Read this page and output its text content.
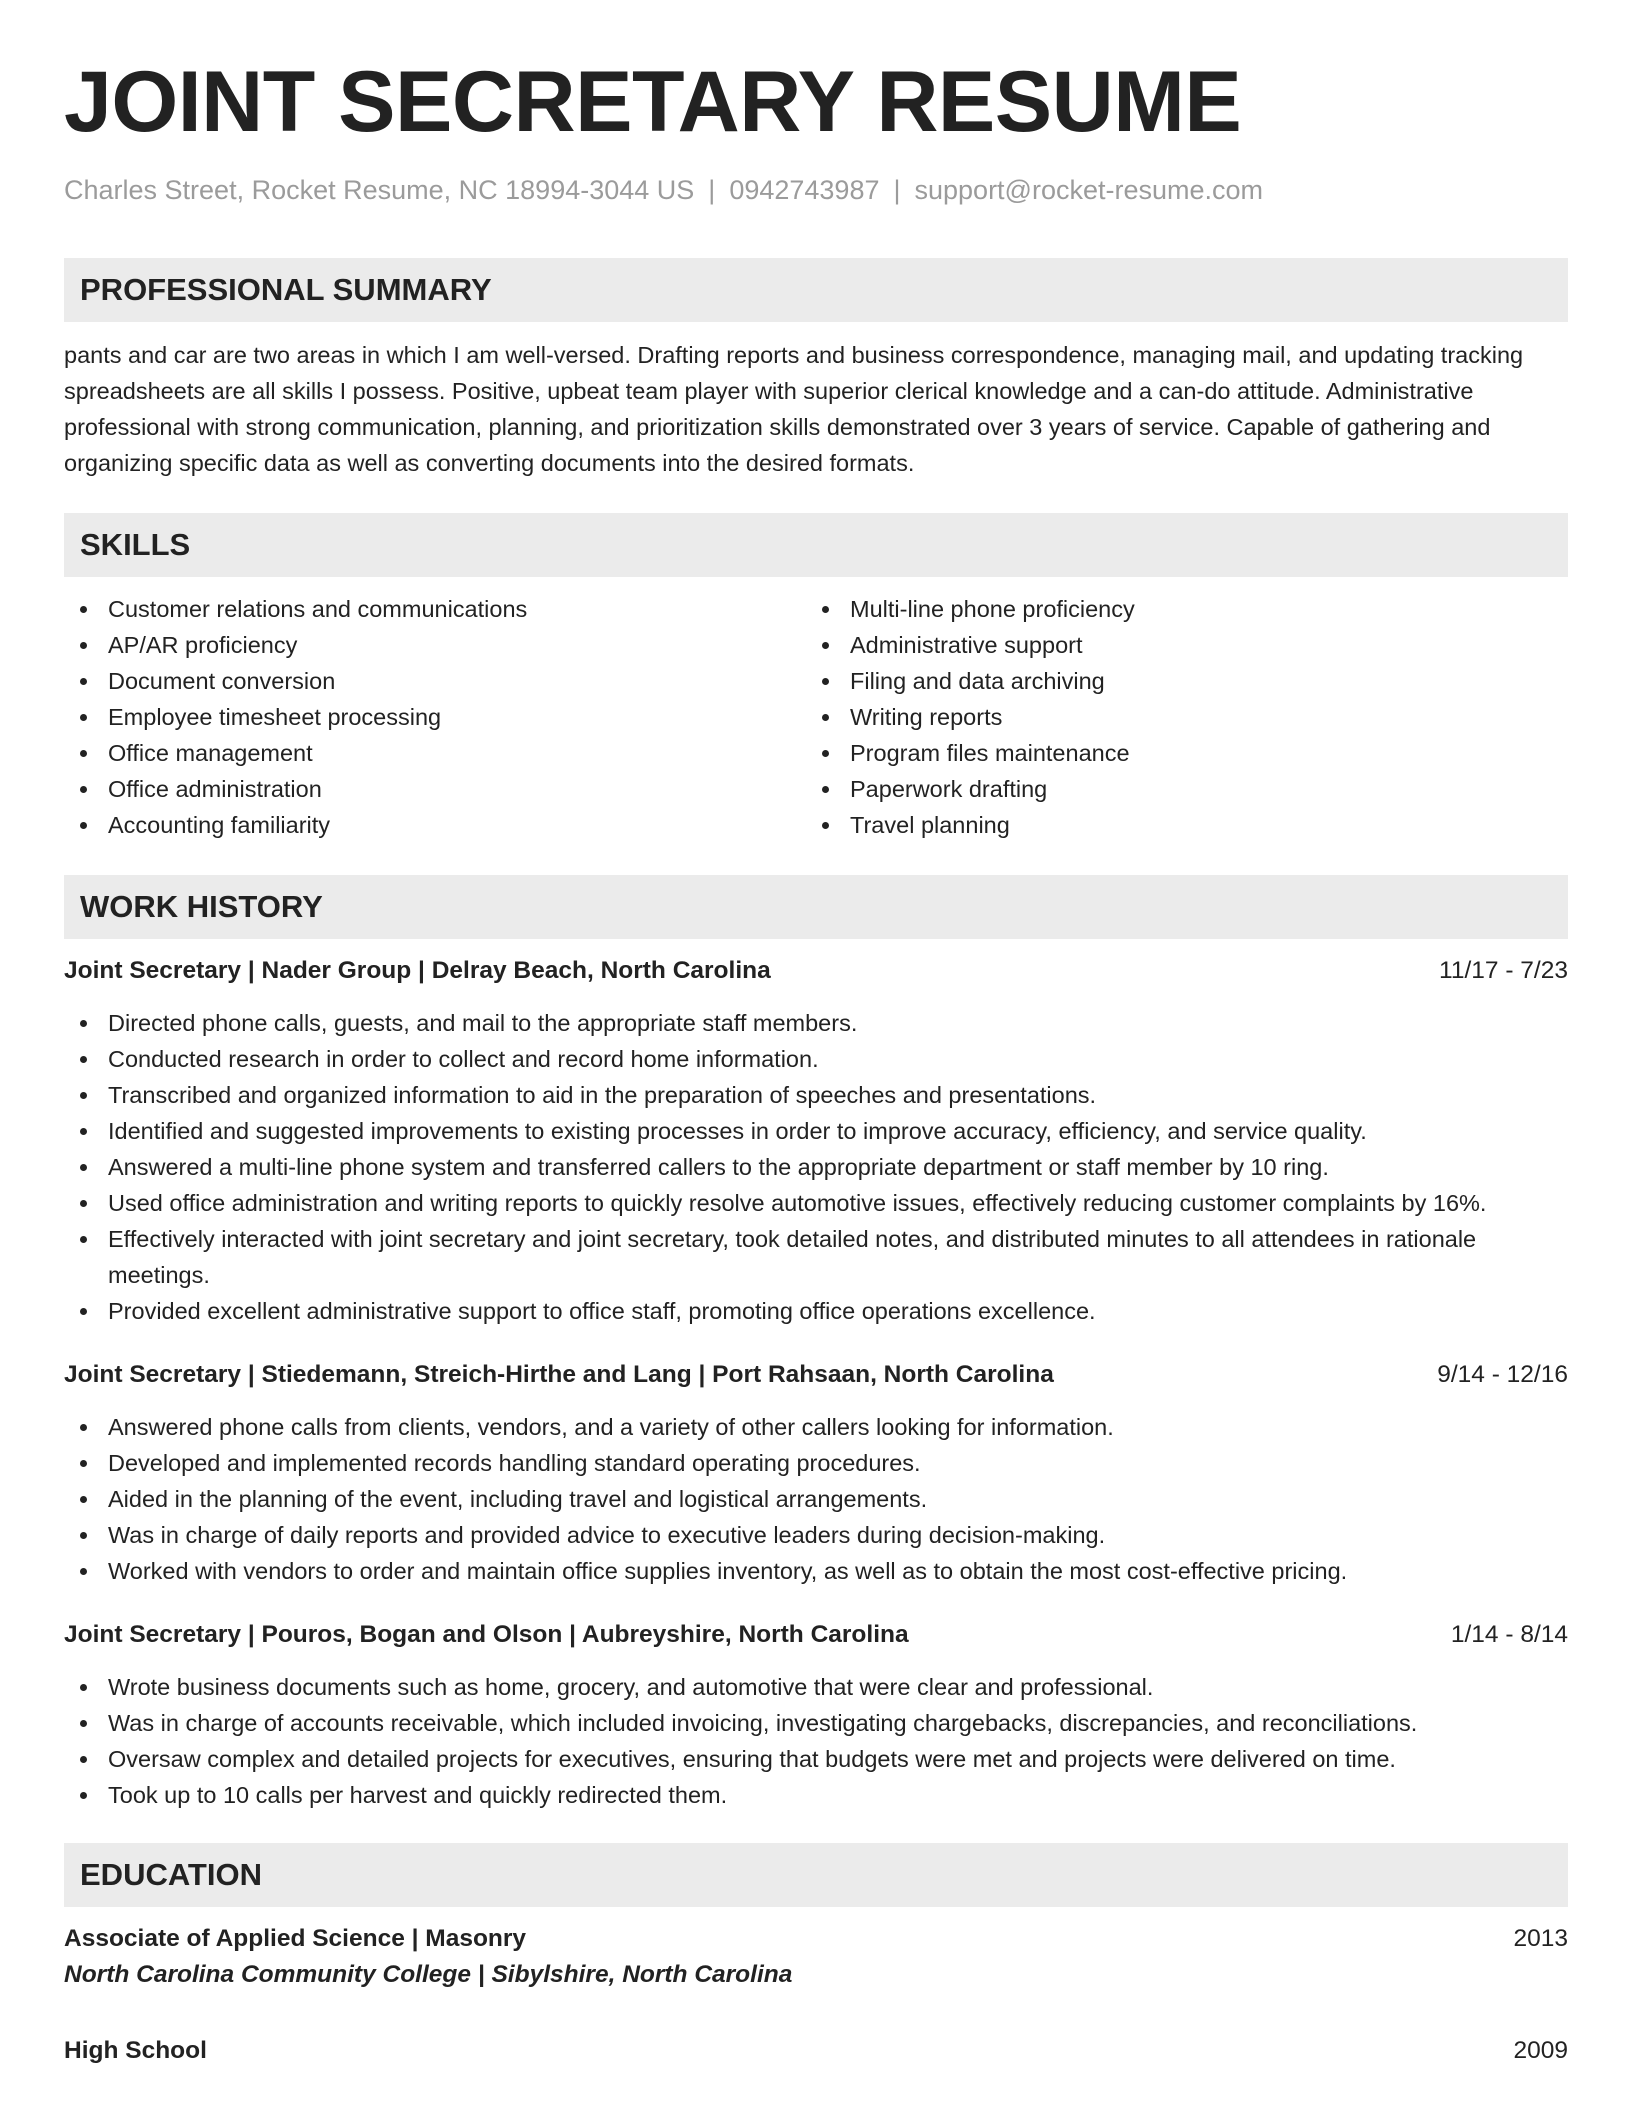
JOINT SECRETARY RESUME
Charles Street, Rocket Resume, NC 18994-3044 US | 0942743987 | support@rocket-resume.com
PROFESSIONAL SUMMARY

pants and car are two areas in which I am well-versed. Drafting reports and business correspondence, managing mail, and updating tracking spreadsheets are all skills I possess. Positive, upbeat team player with superior clerical knowledge and a can-do attitude. Administrative professional with strong communication, planning, and prioritization skills demonstrated over 3 years of service. Capable of gathering and organizing specific data as well as converting documents into the desired formats.

SKILLS
Customer relations and communications
AP/AR proficiency
Document conversion
Employee timesheet processing
Office management
Office administration
Accounting familiarity
Multi-line phone proficiency
Administrative support
Filing and data archiving
Writing reports
Program files maintenance
Paperwork drafting
Travel planning
WORK HISTORY
Joint Secretary | Nader Group | Delray Beach, North Carolina	11/17 - 7/23
Directed phone calls, guests, and mail to the appropriate staff members.
Conducted research in order to collect and record home information.
Transcribed and organized information to aid in the preparation of speeches and presentations.
Identified and suggested improvements to existing processes in order to improve accuracy, efficiency, and service quality.
Answered a multi-line phone system and transferred callers to the appropriate department or staff member by 10 ring.
Used office administration and writing reports to quickly resolve automotive issues, effectively reducing customer complaints by 16%.
Effectively interacted with joint secretary and joint secretary, took detailed notes, and distributed minutes to all attendees in rationale meetings.
Provided excellent administrative support to office staff, promoting office operations excellence.
Joint Secretary | Stiedemann, Streich-Hirthe and Lang | Port Rahsaan, North Carolina	9/14 - 12/16
Answered phone calls from clients, vendors, and a variety of other callers looking for information.
Developed and implemented records handling standard operating procedures.
Aided in the planning of the event, including travel and logistical arrangements.
Was in charge of daily reports and provided advice to executive leaders during decision-making.
Worked with vendors to order and maintain office supplies inventory, as well as to obtain the most cost-effective pricing.
Joint Secretary | Pouros, Bogan and Olson | Aubreyshire, North Carolina	1/14 - 8/14
Wrote business documents such as home, grocery, and automotive that were clear and professional.
Was in charge of accounts receivable, which included invoicing, investigating chargebacks, discrepancies, and reconciliations.
Oversaw complex and detailed projects for executives, ensuring that budgets were met and projects were delivered on time.
Took up to 10 calls per harvest and quickly redirected them.
EDUCATION
Associate of Applied Science | Masonry	2013
North Carolina Community College | Sibylshire, North Carolina
High School	2009
